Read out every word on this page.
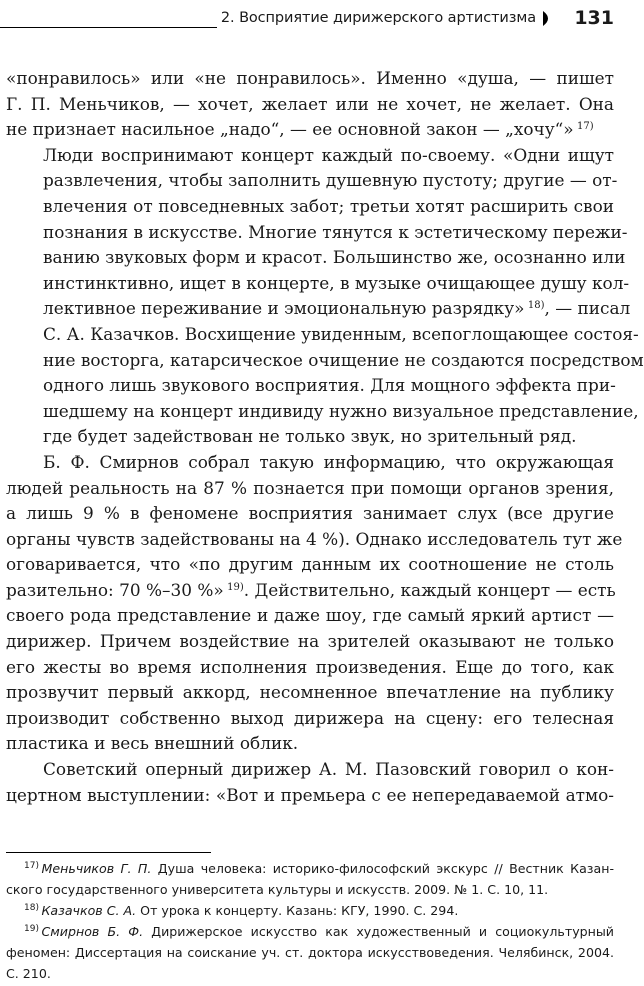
2. Восприятие дирижерского артистизма 131

«понравилось» или «не понравилось». Именно «душа, — пишет
Г. П. Меньчиков, — хочет, желает или не хочет, не желает. Она
не признает насильное „надо“, — ее основной закон — „хочу“»  $^{17)}$

Люди воспринимают концерт каждый по-своему. «Одни ищут
развлечения, чтобы заполнить душевную пустоту; другие — от-
влечения от повседневных забот; третьи хотят расширить свои
познания в искусстве. Многие тянутся к эстетическому пережи-
ванию звуковых форм и красот. Большинство же, осознанно или
инстинктивно, ищет в концерте, в музыке очищающее душу кол-
лективное переживание и эмоциональную разрядку»  $^{18)}$, — писал
С. А. Казачков. Восхищение увиденным, всепоглощающее состоя-
ние восторга, катарсическое очищение не создаются посредством
одного лишь звукового восприятия. Для мощного эффекта при-
шедшему на концерт индивиду нужно визуальное представление,
где будет задействован не только звук, но зрительный ряд.

Б. Ф. Смирнов собрал такую информацию, что окружающая
людей реальность на 87 % познается при помощи органов зрения,
а лишь 9 % в феномене восприятия занимает слух (все другие
органы чувств задействованы на 4 %). Однако исследователь тут же
оговаривается, что «по другим данным их соотношение не столь
разительно: 70 %–30 %»  $^{19)}$. Действительно, каждый концерт — есть
своего рода представление и даже шоу, где самый яркий артист —
дирижер. Причем воздействие на зрителей оказывают не только
его жесты во время исполнения произведения. Еще до того, как
прозвучит первый аккорд, несомненное впечатление на публику
производит собственно выход дирижера на сцену: его телесная
пластика и весь внешний облик.

Советский оперный дирижер А. М. Пазовский говорил о кон-
цертном выступлении: «Вот и премьера с ее непередаваемой атмо-

$^{17)}$  Меньчиков Г. П. Душа человека: историко-философский экскурс // Вестник Казан-
ского государственного университета культуры и искусств. 2009. № 1. С. 10, 11.
$^{18)}$  Казачков С. А. От урока к концерту. Казань: КГУ, 1990. С. 294.
$^{19)}$  Смирнов Б. Ф. Дирижерское искусство как художественный и социокультурный
феномен: Диссертация на соискание уч. ст. доктора искусствоведения. Челябинск, 2004.
С. 210.
